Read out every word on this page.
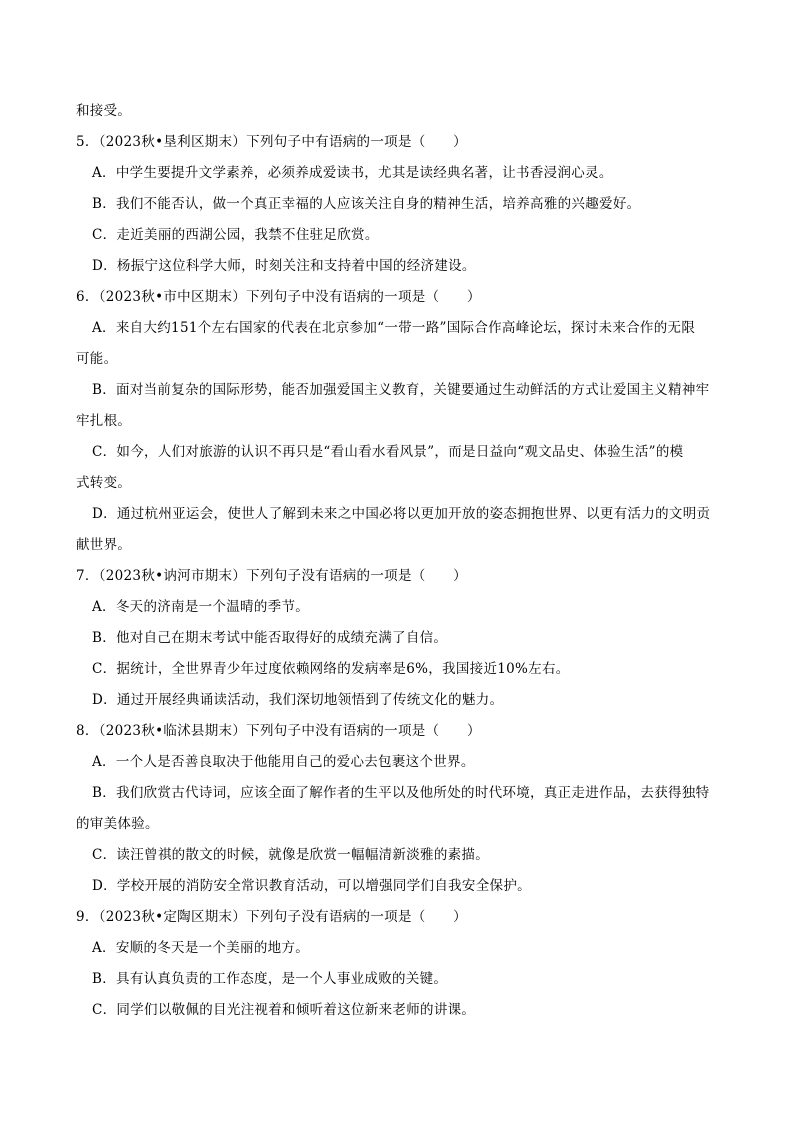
和接受。
5．（2023秋•垦利区期末）下列句子中有语病的一项是（　　）
A．中学生要提升文学素养，必须养成爱读书，尤其是读经典名著，让书香浸润心灵。
B．我们不能否认，做一个真正幸福的人应该关注自身的精神生活，培养高雅的兴趣爱好。
C．走近美丽的西湖公园，我禁不住驻足欣赏。
D．杨振宁这位科学大师，时刻关注和支持着中国的经济建设。
6．（2023秋•市中区期末）下列句子中没有语病的一项是（　　）
A．来自大约151个左右国家的代表在北京参加“一带一路”国际合作高峰论坛，探讨未来合作的无限
可能。
B．面对当前复杂的国际形势，能否加强爱国主义教育，关键要通过生动鲜活的方式让爱国主义精神牢
牢扎根。
C．如今，人们对旅游的认识不再只是“看山看水看风景”，而是日益向“观文品史、体验生活”的模
式转变。
D．通过杭州亚运会，使世人了解到未来之中国必将以更加开放的姿态拥抱世界、以更有活力的文明贡
献世界。
7．（2023秋•讷河市期末）下列句子没有语病的一项是（　　）
A．冬天的济南是一个温晴的季节。
B．他对自己在期末考试中能否取得好的成绩充满了自信。
C．据统计，全世界青少年过度依赖网络的发病率是6%，我国接近10%左右。
D．通过开展经典诵读活动，我们深切地领悟到了传统文化的魅力。
8．（2023秋•临沭县期末）下列句子中没有语病的一项是（　　）
A．一个人是否善良取决于他能用自己的爱心去包裹这个世界。
B．我们欣赏古代诗词，应该全面了解作者的生平以及他所处的时代环境，真正走进作品，去获得独特
的审美体验。
C．读汪曾祺的散文的时候，就像是欣赏一幅幅清新淡雅的素描。
D．学校开展的消防安全常识教育活动，可以增强同学们自我安全保护。
9．（2023秋•定陶区期末）下列句子没有语病的一项是（　　）
A．安顺的冬天是一个美丽的地方。
B．具有认真负责的工作态度，是一个人事业成败的关键。
C．同学们以敬佩的目光注视着和倾听着这位新来老师的讲课。
